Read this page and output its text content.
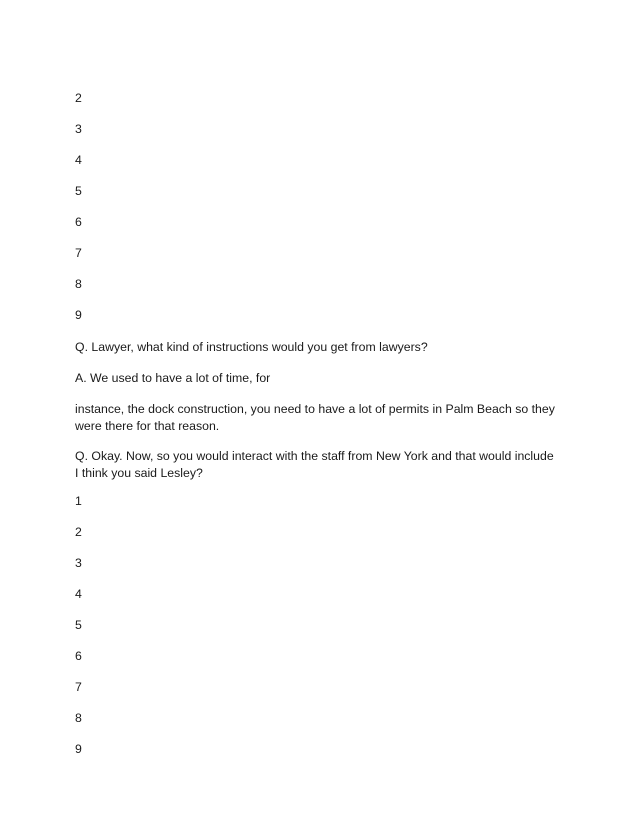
2
3
4
5
6
7
8
9
Q. Lawyer, what kind of instructions would you get from lawyers?
A. We used to have a lot of time, for
instance, the dock construction, you need to have a lot of permits in Palm Beach so they were there for that reason.
Q. Okay. Now, so you would interact with the staff from New York and that would include I think you said Lesley?
1
2
3
4
5
6
7
8
9
